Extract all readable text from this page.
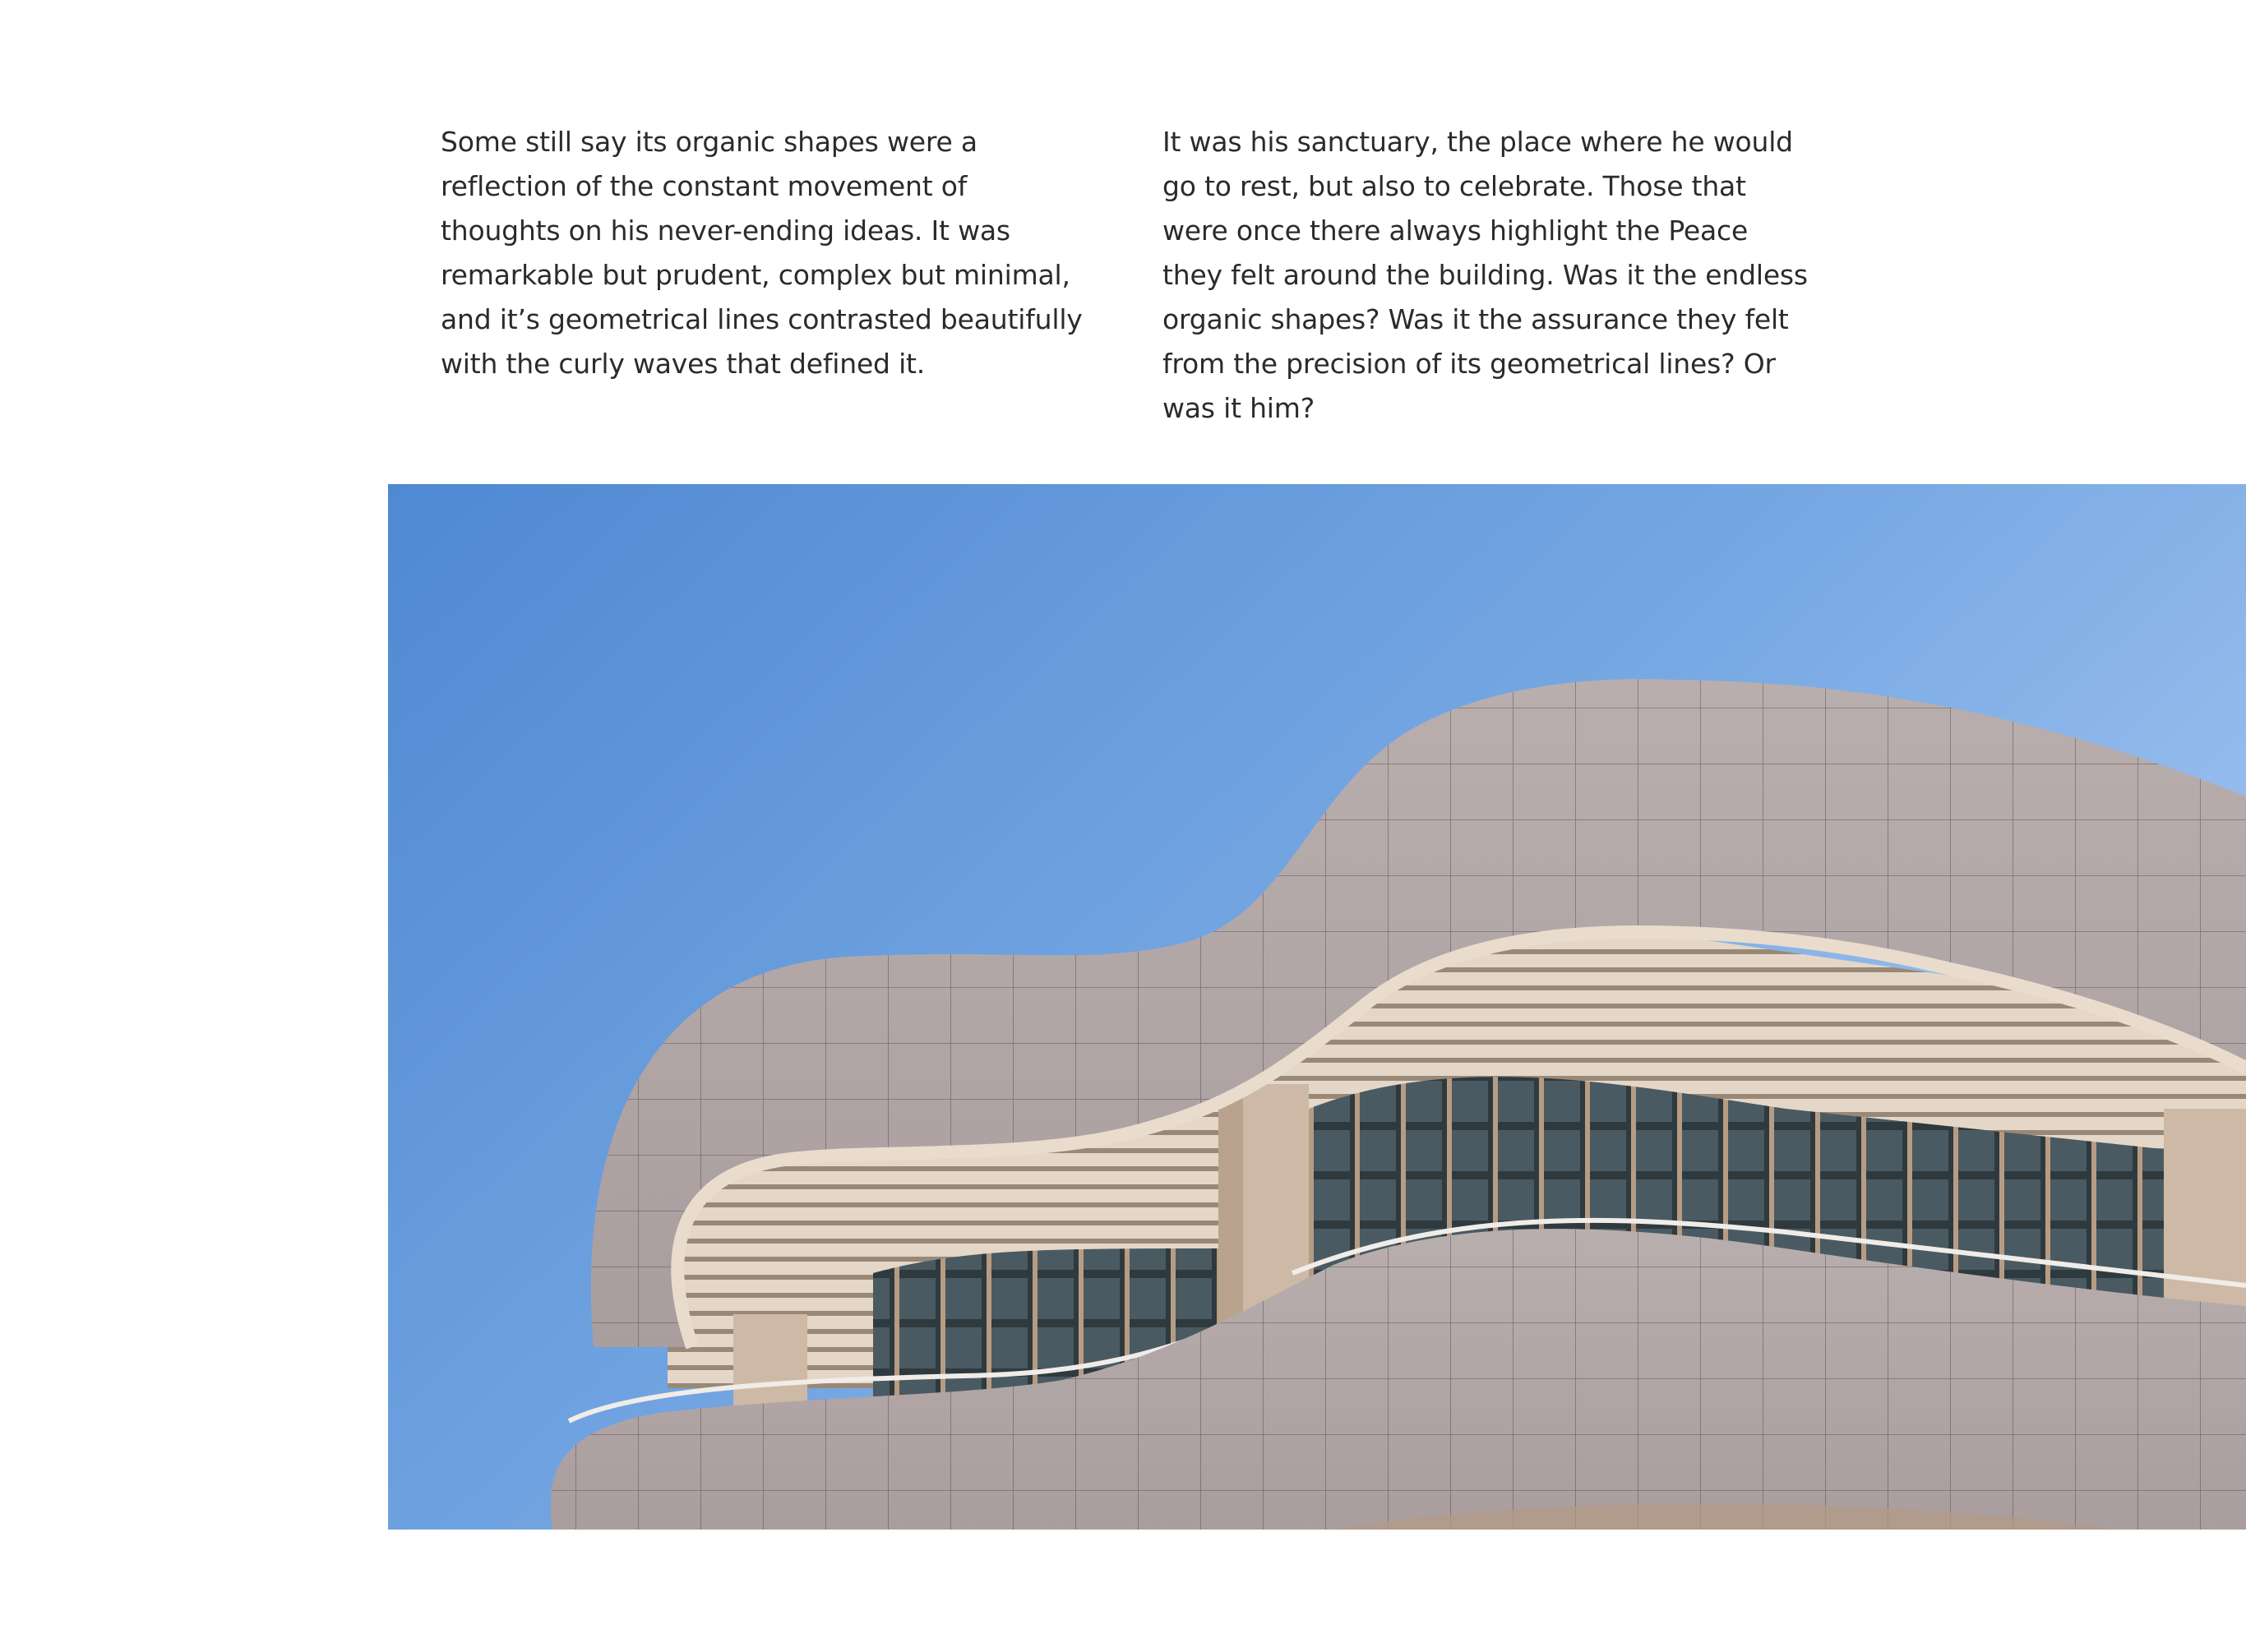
Some still say its organic shapes were a reflection of the constant movement of thoughts on his never-ending ideas. It was remarkable but prudent, complex but minimal, and it’s geometrical lines contrasted beautifully with the curly waves that defined it.

It was his sanctuary, the place where he would go to rest, but also to celebrate. Those that were once there always highlight the Peace they felt around the building. Was it the endless organic shapes? Was it the assurance they felt from the precision of its geometrical lines? Or was it him?
